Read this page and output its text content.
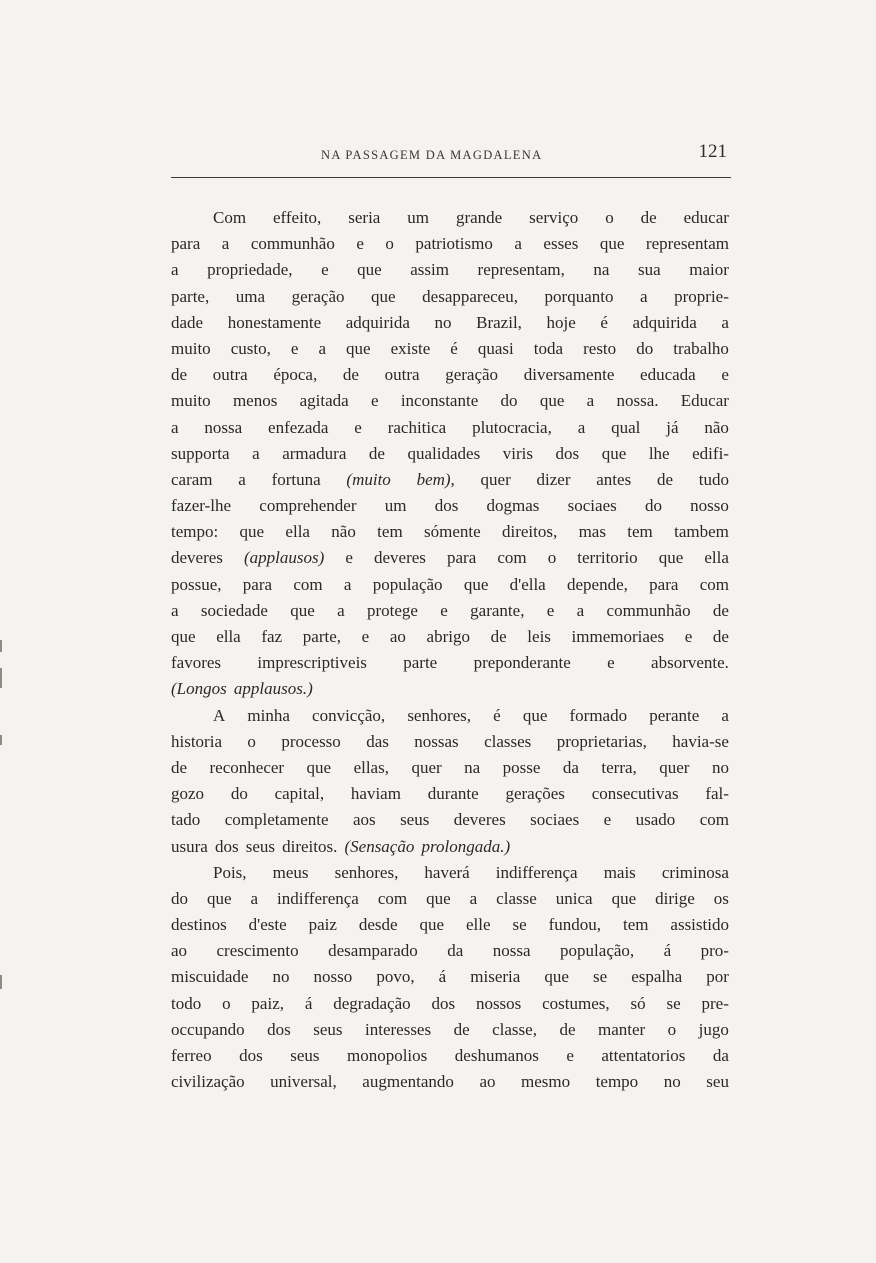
NA PASSAGEM DA MAGDALENA	121
Com effeito, seria um grande serviço o de educar
para a communhão e o patriotismo a esses que representam
a propriedade, e que assim representam, na sua maior
parte, uma geração que desappareceu, porquanto a proprie-
dade honestamente adquirida no Brazil, hoje é adquirida a
muito custo, e a que existe é quasi toda resto do trabalho
de outra época, de outra geração diversamente educada e
muito menos agitada e inconstante do que a nossa. Educar
a nossa enfezada e rachitica plutocracia, a qual já não
supporta a armadura de qualidades viris dos que lhe edifi-
caram a fortuna (muito bem), quer dizer antes de tudo
fazer-lhe comprehender um dos dogmas sociaes do nosso
tempo: que ella não tem sómente direitos, mas tem tambem
deveres (applausos) e deveres para com o territorio que ella
possue, para com a população que d'ella depende, para com
a sociedade que a protege e garante, e a communhão de
que ella faz parte, e ao abrigo de leis immemoriaes e de
favores imprescriptiveis parte preponderante e absorvente.
(Longos applausos.)
A minha convicção, senhores, é que formado perante a
historia o processo das nossas classes proprietarias, havia-se
de reconhecer que ellas, quer na posse da terra, quer no
gozo do capital, haviam durante gerações consecutivas fal-
tado completamente aos seus deveres sociaes e usado com
usura dos seus direitos. (Sensação prolongada.)
Pois, meus senhores, haverá indifferença mais criminosa
do que a indifferença com que a classe unica que dirige os
destinos d'este paiz desde que elle se fundou, tem assistido
ao crescimento desamparado da nossa população, á pro-
miscuidade no nosso povo, á miseria que se espalha por
todo o paiz, á degradação dos nossos costumes, só se pre-
occupando dos seus interesses de classe, de manter o jugo
ferreo dos seus monopolios deshumanos e attentatorios da
civilização universal, augmentando ao mesmo tempo no seu
